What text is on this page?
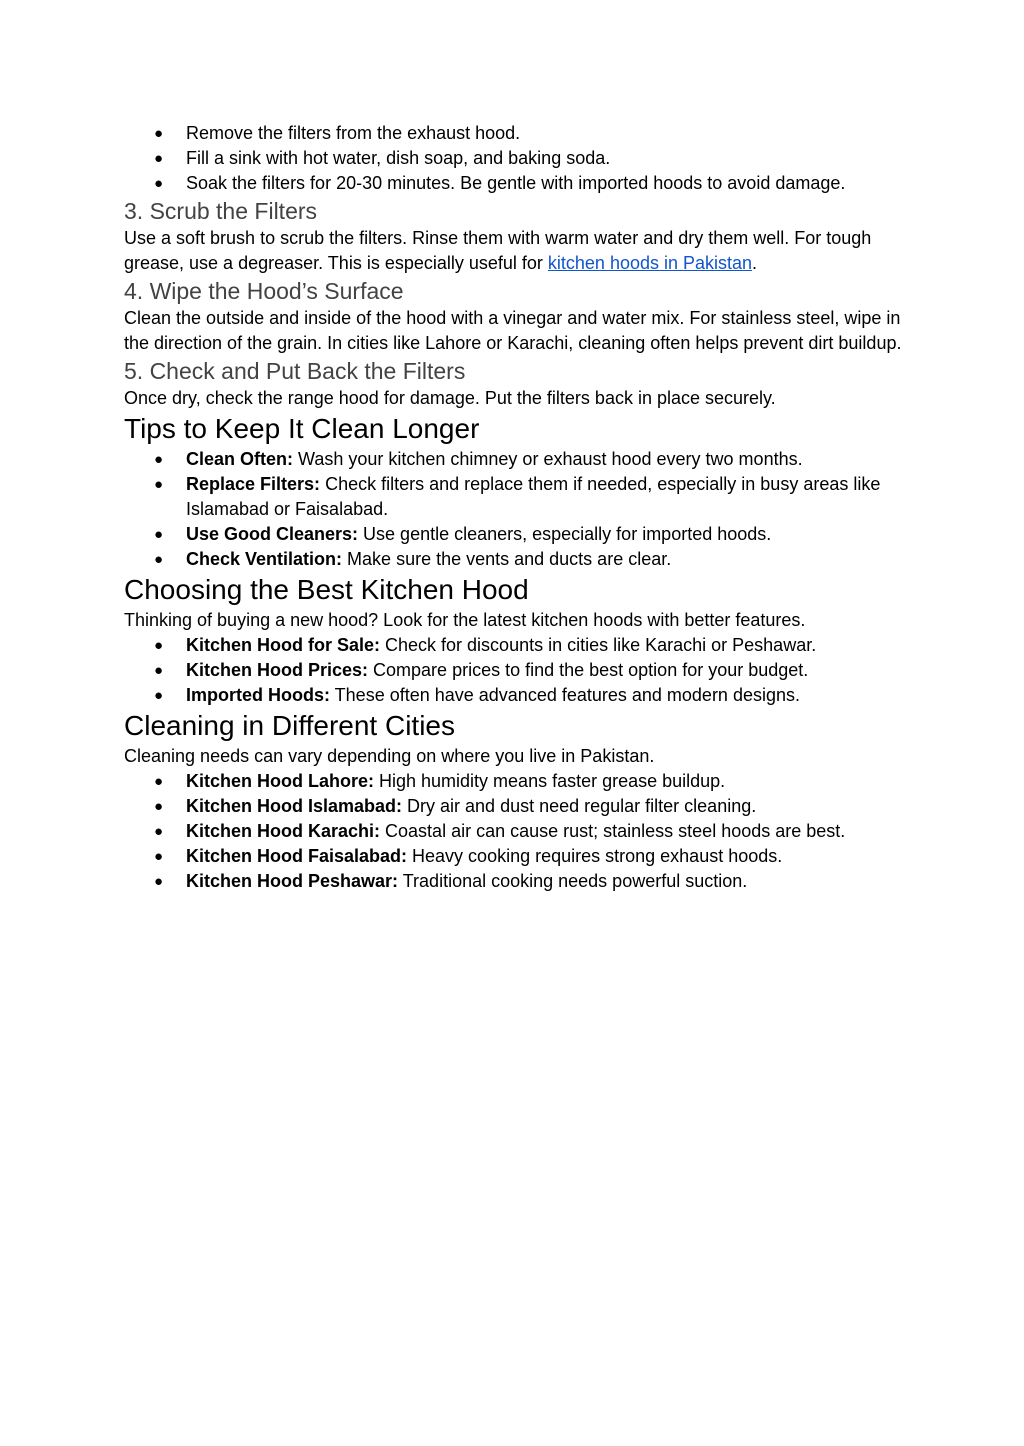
● Remove the filters from the exhaust hood.
● Fill a sink with hot water, dish soap, and baking soda.
● Soak the filters for 20-30 minutes. Be gentle with imported hoods to avoid damage.
3. Scrub the Filters

Use a soft brush to scrub the filters. Rinse them with warm water and dry them well. For tough grease, use a degreaser. This is especially useful for kitchen hoods in Pakistan.

4. Wipe the Hood’s Surface

Clean the outside and inside of the hood with a vinegar and water mix. For stainless steel, wipe in the direction of the grain. In cities like Lahore or Karachi, cleaning often helps prevent dirt buildup.

5. Check and Put Back the Filters

Once dry, check the range hood for damage. Put the filters back in place securely.

Tips to Keep It Clean Longer
● Clean Often: Wash your kitchen chimney or exhaust hood every two months.
● Replace Filters: Check filters and replace them if needed, especially in busy areas like Islamabad or Faisalabad.
● Use Good Cleaners: Use gentle cleaners, especially for imported hoods.
● Check Ventilation: Make sure the vents and ducts are clear.
Choosing the Best Kitchen Hood

Thinking of buying a new hood? Look for the latest kitchen hoods with better features.

● Kitchen Hood for Sale: Check for discounts in cities like Karachi or Peshawar.
● Kitchen Hood Prices: Compare prices to find the best option for your budget.
● Imported Hoods: These often have advanced features and modern designs.
Cleaning in Different Cities

Cleaning needs can vary depending on where you live in Pakistan.

● Kitchen Hood Lahore: High humidity means faster grease buildup.
● Kitchen Hood Islamabad: Dry air and dust need regular filter cleaning.
● Kitchen Hood Karachi: Coastal air can cause rust; stainless steel hoods are best.
● Kitchen Hood Faisalabad: Heavy cooking requires strong exhaust hoods.
● Kitchen Hood Peshawar: Traditional cooking needs powerful suction.
